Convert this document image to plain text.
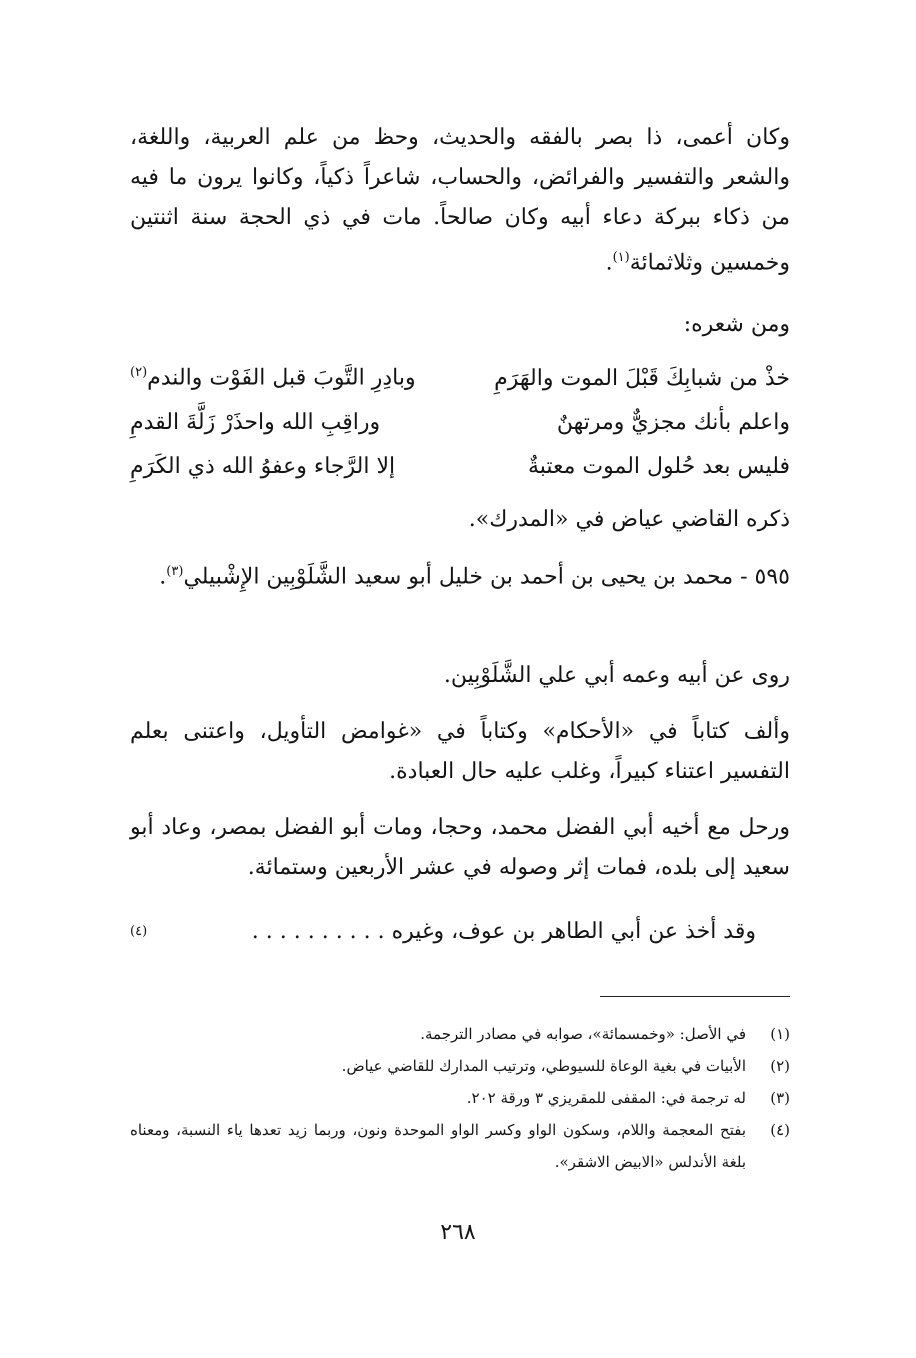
وكان أعمى، ذا بصر بالفقه والحديث، وحظ من علم العربية، واللغة، والشعر والتفسير والفرائض، والحساب، شاعراً ذكياً، وكانوا يرون ما فيه من ذكاء ببركة دعاء أبيه وكان صالحاً. مات في ذي الحجة سنة اثنتين وخمسين وثلاثمائة$^{(١)}$.

ومن شعره:

خذْ من شبابِكَ قَبْلَ الموت والهَرَمِ
وبادِرِ التَّوبَ قبل الفَوْت والندم$^{(٢)}$
واعلم بأنك مجزيٌّ ومرتهنٌ
وراقِبِ الله واحذَرْ زَلَّةَ القدمِ
فليس بعد حُلول الموت معتبةٌ
إلا الرَّجاء وعفوُ الله ذي الكَرَمِ

ذكره القاضي عياض في «المدرك».

٥٩٥ - محمد بن يحيى بن أحمد بن خليل أبو سعيد الشَّلَوْبِين الإِشْبيلي$^{(٣)}$.

روى عن أبيه وعمه أبي علي الشَّلَوْبِين.

وألف كتاباً في «الأحكام» وكتاباً في «غوامض التأويل، واعتنى بعلم التفسير اعتناء كبيراً، وغلب عليه حال العبادة.

ورحل مع أخيه أبي الفضل محمد، وحجا، ومات أبو الفضل بمصر، وعاد أبو سعيد إلى بلده، فمات إثر وصوله في عشر الأربعين وستمائة.

وقد أخذ عن أبي الطاهر بن عوف، وغيره . . . . . . . . . .
(٤)
(١)
في الأصل: «وخمسمائة»، صوابه في مصادر الترجمة.
(٢)
الأبيات في بغية الوعاة للسيوطي، وترتيب المدارك للقاضي عياض.
(٣)
له ترجمة في: المقفى للمقريزي ٣ ورقة ٢٠٢.
(٤)
بفتح المعجمة واللام، وسكون الواو وكسر الواو الموحدة ونون، وربما زيد تعدها ياء النسبة، ومعناه بلغة الأندلس «الابيض الاشقر».
٢٦٨
